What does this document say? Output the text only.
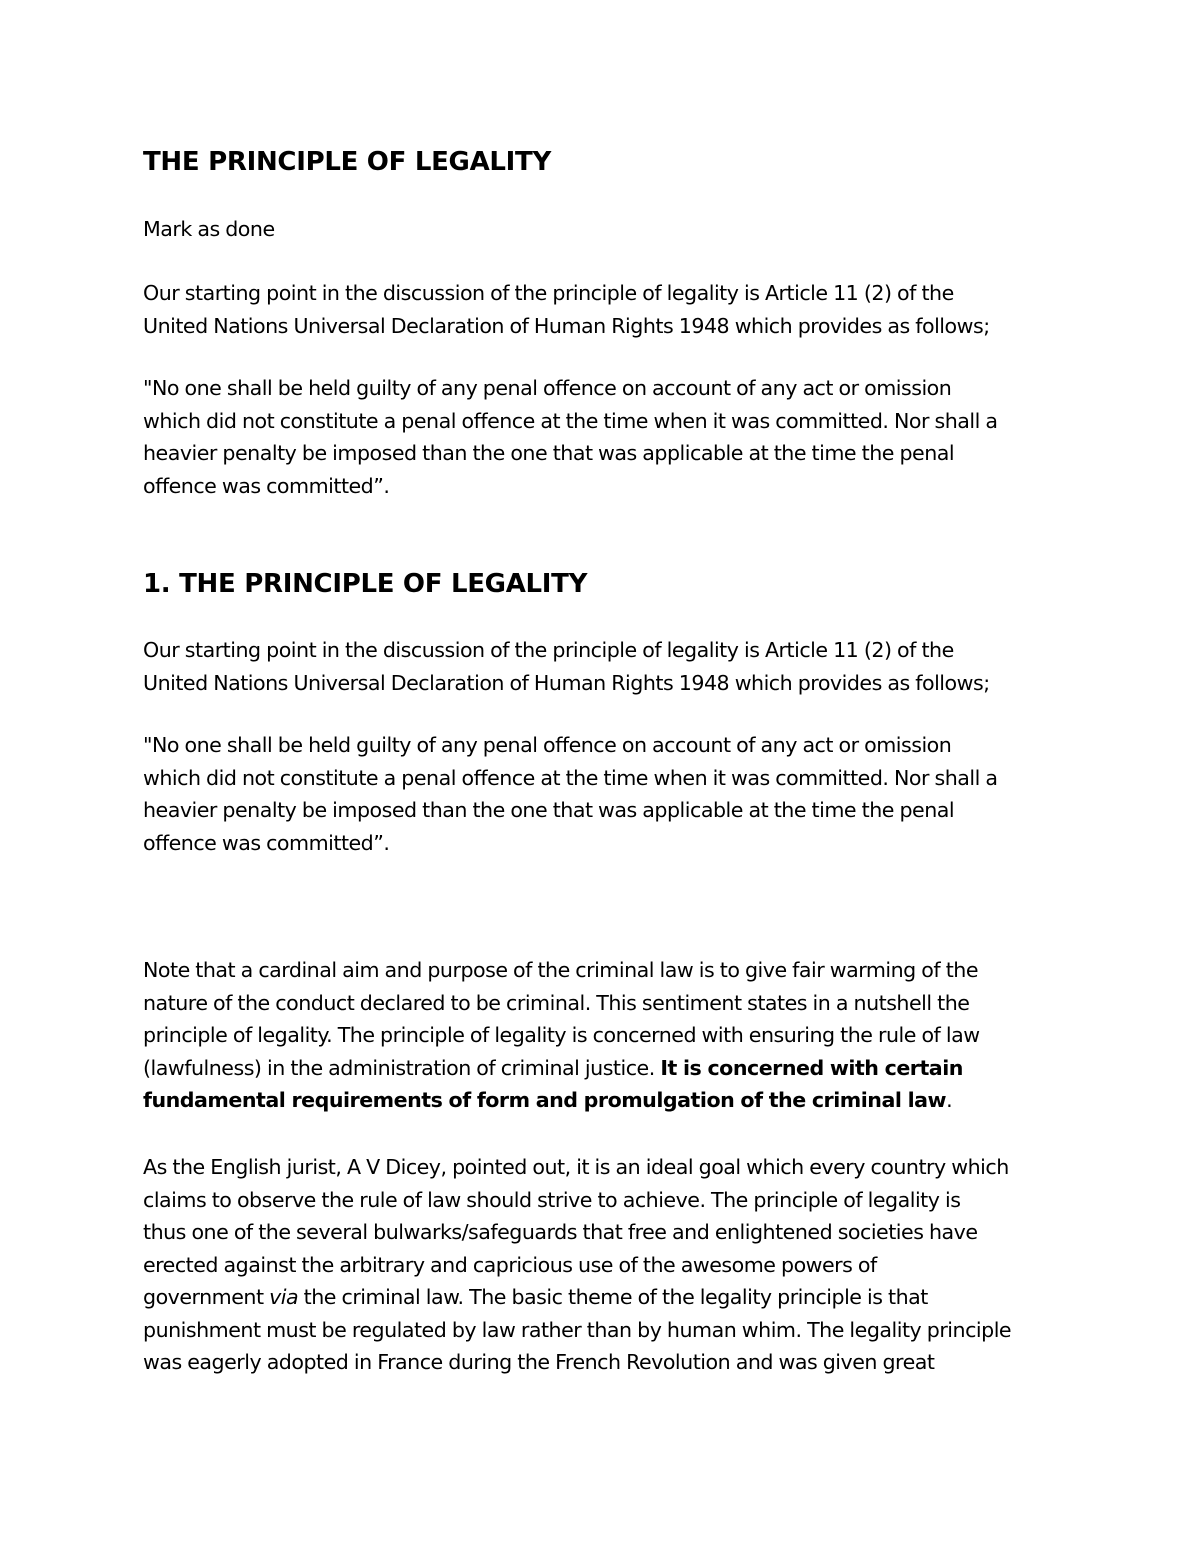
THE PRINCIPLE OF LEGALITY
Mark as done
Our starting point in the discussion of the principle of legality is Article 11 (2) of the
United Nations Universal Declaration of Human Rights 1948 which provides as follows;
"No one shall be held guilty of any penal offence on account of any act or omission
which did not constitute a penal offence at the time when it was committed. Nor shall a
heavier penalty be imposed than the one that was applicable at the time the penal
offence was committed”.
1. THE PRINCIPLE OF LEGALITY
Our starting point in the discussion of the principle of legality is Article 11 (2) of the
United Nations Universal Declaration of Human Rights 1948 which provides as follows;
"No one shall be held guilty of any penal offence on account of any act or omission
which did not constitute a penal offence at the time when it was committed. Nor shall a
heavier penalty be imposed than the one that was applicable at the time the penal
offence was committed”.
Note that a cardinal aim and purpose of the criminal law is to give fair warming of the
nature of the conduct declared to be criminal. This sentiment states in a nutshell the
principle of legality. The principle of legality is concerned with ensuring the rule of law
(lawfulness) in the administration of criminal justice. It is concerned with certain
fundamental requirements of form and promulgation of the criminal law.
As the English jurist, A V Dicey, pointed out, it is an ideal goal which every country which
claims to observe the rule of law should strive to achieve. The principle of legality is
thus one of the several bulwarks/safeguards that free and enlightened societies have
erected against the arbitrary and capricious use of the awesome powers of
government via the criminal law. The basic theme of the legality principle is that
punishment must be regulated by law rather than by human whim. The legality principle
was eagerly adopted in France during the French Revolution and was given great
